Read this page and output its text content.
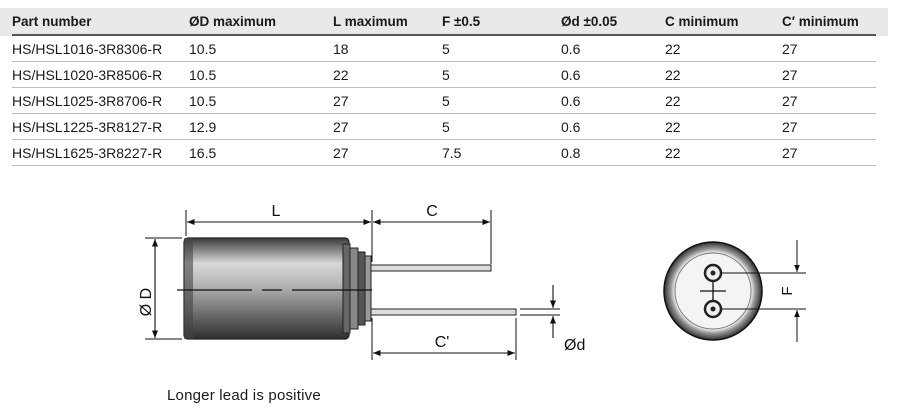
Part number	ØD maximum	L maximum	F ±0.5	Ød ±0.05	C minimum	C′ minimum
HS/HSL1016-3R8306-R 10.5	18	5	0.6	22	27
HS/HSL1020-3R8506-R 10.5	22	5	0.6	22	27
HS/HSL1025-3R8706-R 10.5	27	5	0.6	22	27
HS/HSL1225-3R8127-R 12.9	27	5	0.6	22	27
HS/HSL1625-3R8227-R 16.5	27	7.5	0.8	22	27
L	C
C'
Ø D
Ød
F
Longer lead is positive
